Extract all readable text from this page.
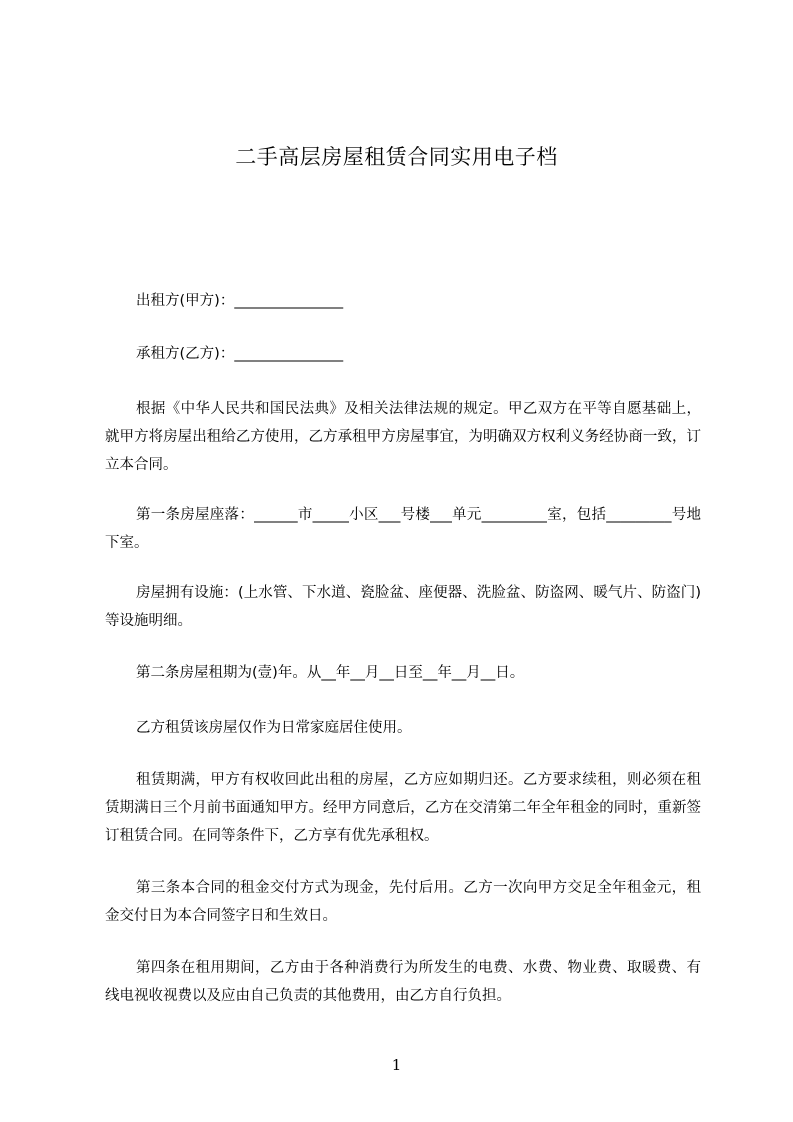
二手高层房屋租赁合同实用电子档
出租方(甲方)：_______________
承租方(乙方)：_______________
根据《中华人民共和国民法典》及相关法律法规的规定。甲乙双方在平等自愿基础上，就甲方将房屋出租给乙方使用，乙方承租甲方房屋事宜，为明确双方权利义务经协商一致，订立本合同。
第一条房屋座落：______市_____小区___号楼___单元_________室，包括_________号地下室。
房屋拥有设施：(上水管、下水道、瓷脸盆、座便器、洗脸盆、防盗网、暖气片、防盗门)等设施明细。
第二条房屋租期为(壹)年。从__年__月__日至__年__月__日。
乙方租赁该房屋仅作为日常家庭居住使用。
租赁期满，甲方有权收回此出租的房屋，乙方应如期归还。乙方要求续租，则必须在租赁期满日三个月前书面通知甲方。经甲方同意后，乙方在交清第二年全年租金的同时，重新签订租赁合同。在同等条件下，乙方享有优先承租权。
第三条本合同的租金交付方式为现金，先付后用。乙方一次向甲方交足全年租金元，租金交付日为本合同签字日和生效日。
第四条在租用期间，乙方由于各种消费行为所发生的电费、水费、物业费、取暖费、有线电视收视费以及应由自己负责的其他费用，由乙方自行负担。
1
